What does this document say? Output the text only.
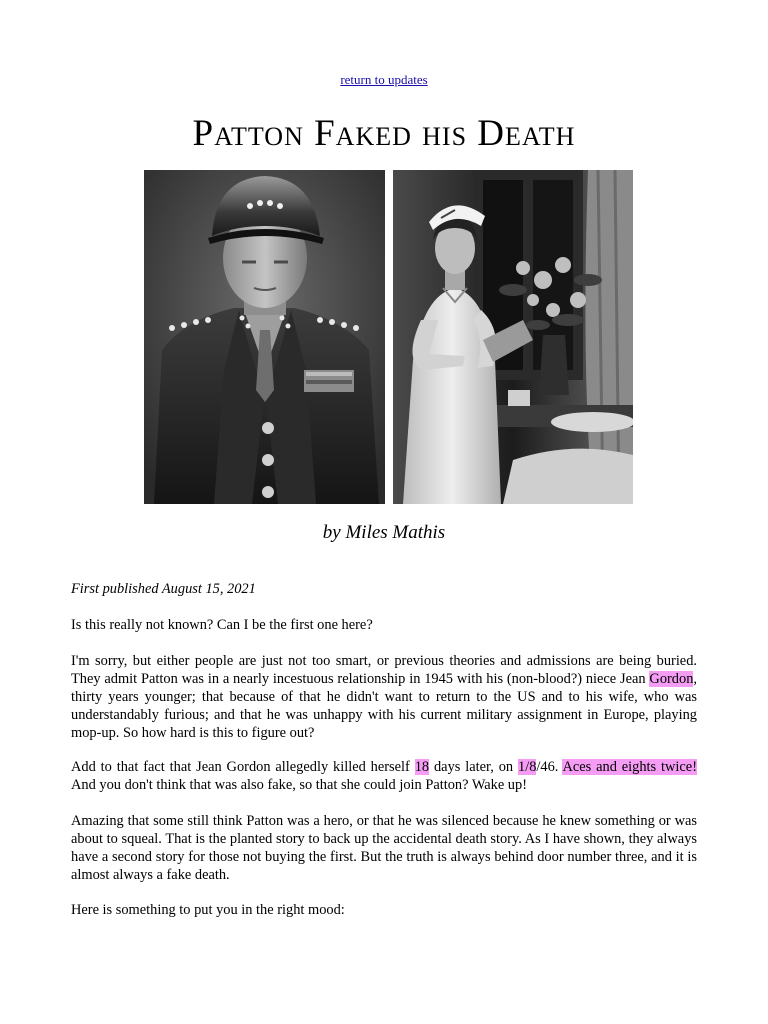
return to updates
Patton Faked his Death
by Miles Mathis
First published August 15, 2021

Is this really not known? Can I be the first one here?

I'm sorry, but either people are just not too smart, or previous theories and admissions are being buried. They admit Patton was in a nearly incestuous relationship in 1945 with his (non-blood?) niece Jean Gordon, thirty years younger; that because of that he didn't want to return to the US and to his wife, who was understandably furious; and that he was unhappy with his current military assignment in Europe, playing mop-up. So how hard is this to figure out?

Add to that fact that Jean Gordon allegedly killed herself 18 days later, on 1/8/46. Aces and eights twice! And you don't think that was also fake, so that she could join Patton? Wake up!

Amazing that some still think Patton was a hero, or that he was silenced because he knew something or was about to squeal. That is the planted story to back up the accidental death story. As I have shown, they always have a second story for those not buying the first. But the truth is always behind door number three, and it is almost always a fake death.

Here is something to put you in the right mood:
